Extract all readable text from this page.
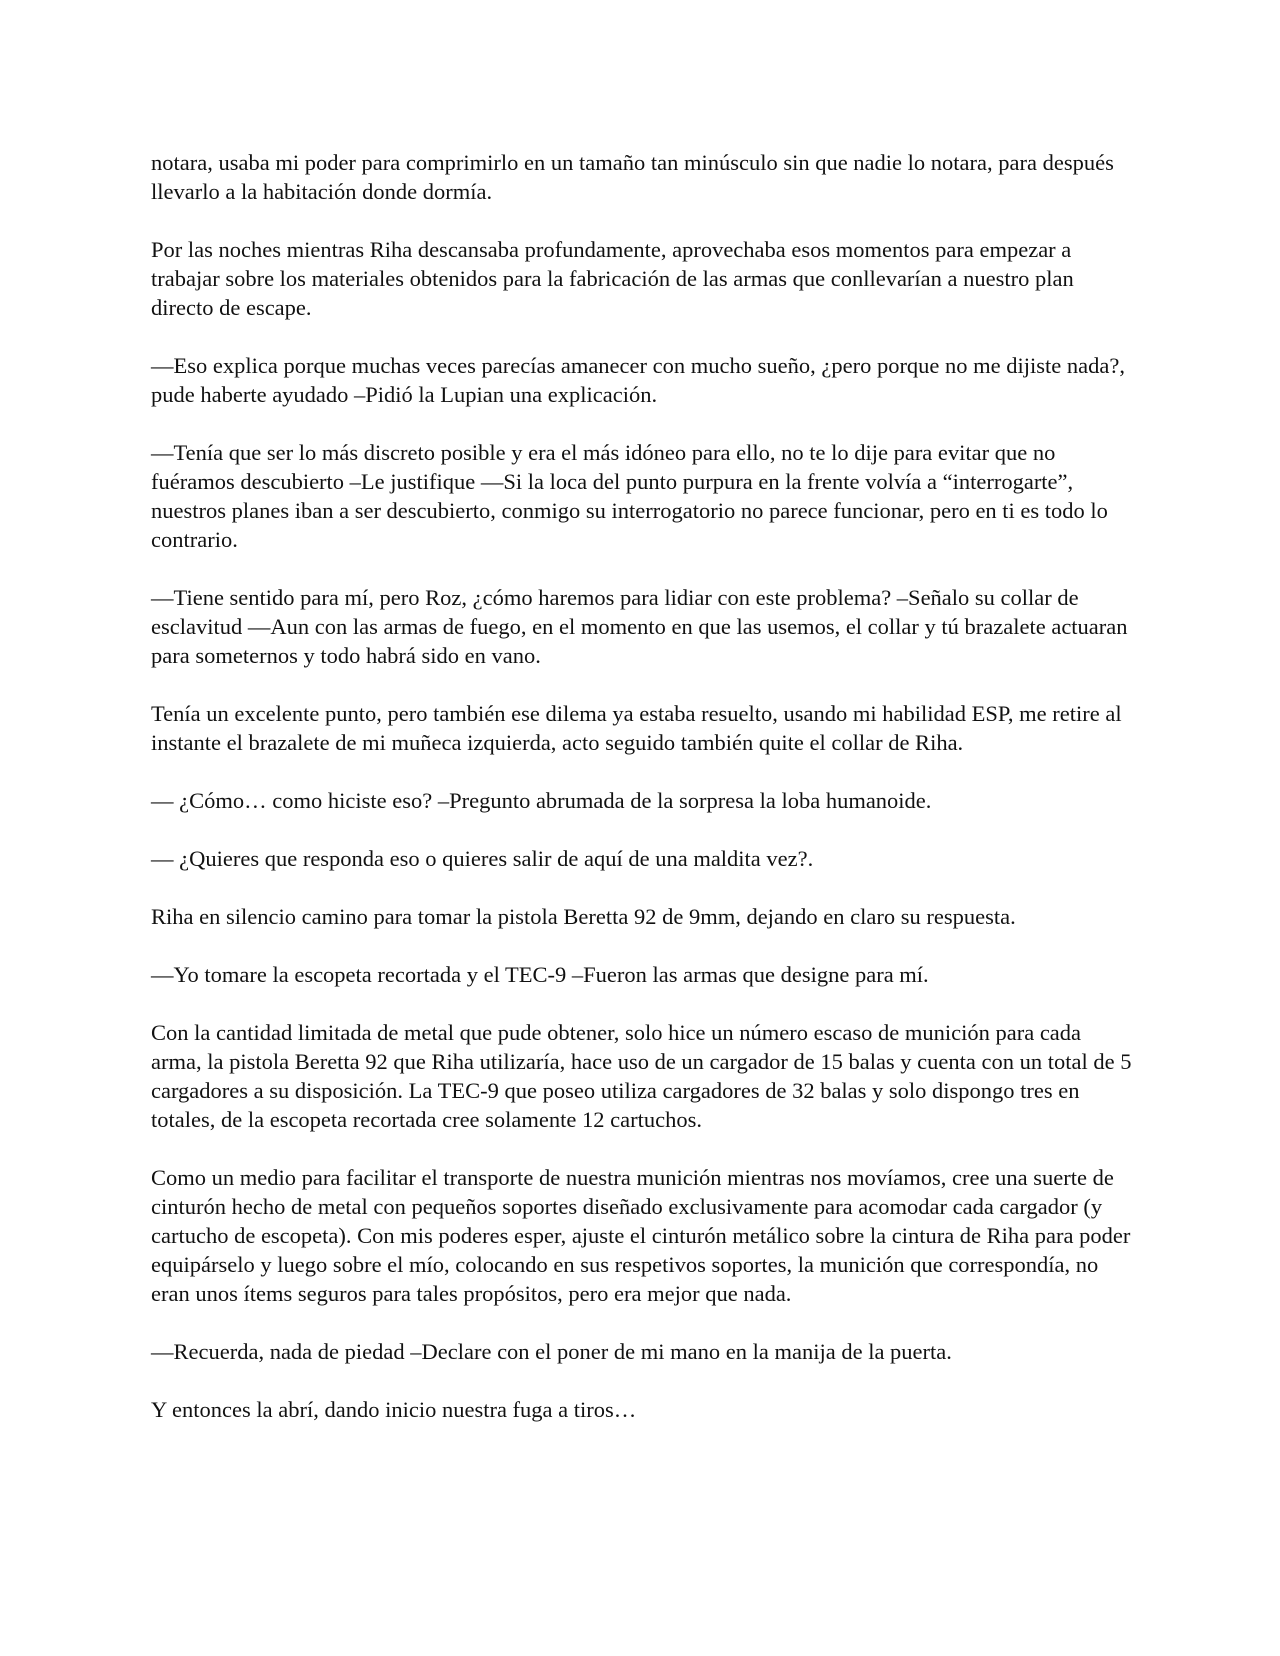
notara, usaba mi poder para comprimirlo en un tamaño tan minúsculo sin que nadie lo notara, para después llevarlo a la habitación donde dormía.

Por las noches mientras Riha descansaba profundamente, aprovechaba esos momentos para empezar a trabajar sobre los materiales obtenidos para la fabricación de las armas que conllevarían a nuestro plan directo de escape.

—Eso explica porque muchas veces parecías amanecer con mucho sueño, ¿pero porque no me dijiste nada?, pude haberte ayudado –Pidió la Lupian una explicación.

—Tenía que ser lo más discreto posible y era el más idóneo para ello, no te lo dije para evitar que no fuéramos descubierto –Le justifique —Si la loca del punto purpura en la frente volvía a “interrogarte”, nuestros planes iban a ser descubierto, conmigo su interrogatorio no parece funcionar, pero en ti es todo lo contrario.

—Tiene sentido para mí, pero Roz, ¿cómo haremos para lidiar con este problema? –Señalo su collar de esclavitud —Aun con las armas de fuego, en el momento en que las usemos, el collar y tú brazalete actuaran para someternos y todo habrá sido en vano.

Tenía un excelente punto, pero también ese dilema ya estaba resuelto, usando mi habilidad ESP, me retire al instante el brazalete de mi muñeca izquierda, acto seguido también quite el collar de Riha.

— ¿Cómo… como hiciste eso? –Pregunto abrumada de la sorpresa la loba humanoide.

— ¿Quieres que responda eso o quieres salir de aquí de una maldita vez?.

Riha en silencio camino para tomar la pistola Beretta 92 de 9mm, dejando en claro su respuesta.

—Yo tomare la escopeta recortada y el TEC-9 –Fueron las armas que designe para mí.

Con la cantidad limitada de metal que pude obtener, solo hice un número escaso de munición para cada arma, la pistola Beretta 92 que Riha utilizaría, hace uso de un cargador de 15 balas y cuenta con un total de 5 cargadores a su disposición. La TEC-9 que poseo utiliza cargadores de 32 balas y solo dispongo tres en totales, de la escopeta recortada cree solamente 12 cartuchos.

Como un medio para facilitar el transporte de nuestra munición mientras nos movíamos, cree una suerte de cinturón hecho de metal con pequeños soportes diseñado exclusivamente para acomodar cada cargador (y cartucho de escopeta). Con mis poderes esper, ajuste el cinturón metálico sobre la cintura de Riha para poder equipárselo y luego sobre el mío, colocando en sus respetivos soportes, la munición que correspondía, no eran unos ítems seguros para tales propósitos, pero era mejor que nada.

—Recuerda, nada de piedad –Declare con el poner de mi mano en la manija de la puerta.

Y entonces la abrí, dando inicio nuestra fuga a tiros…
